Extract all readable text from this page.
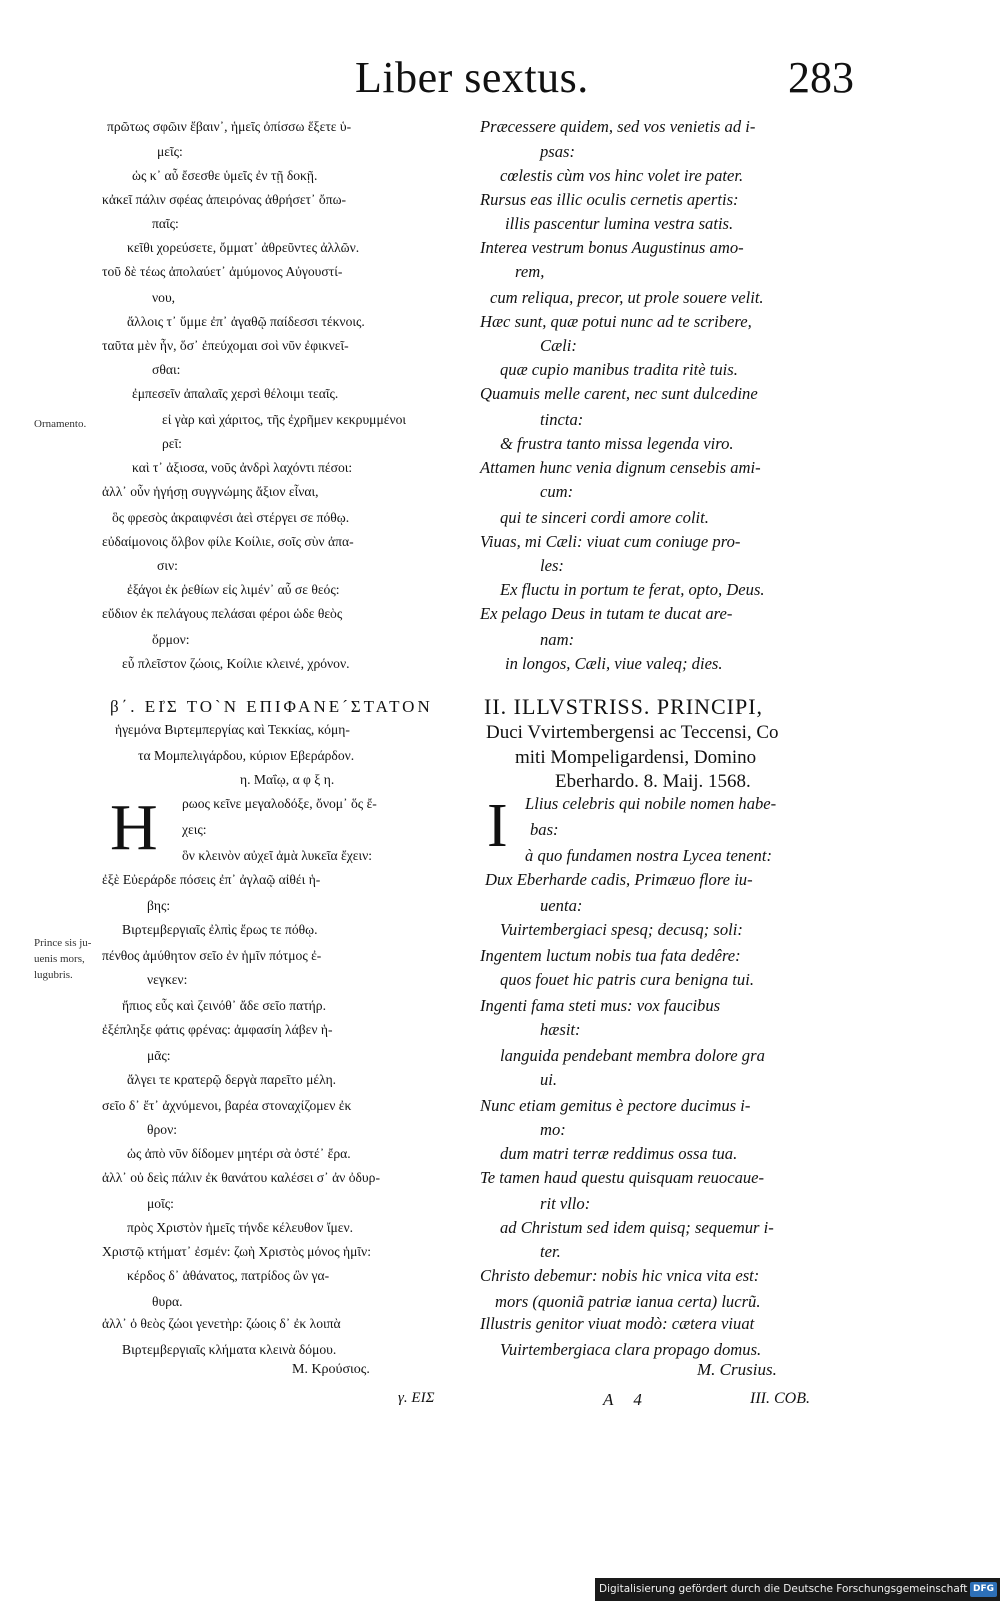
Liber sextus.	283
πρῶτως σφῶιν ἔβαιν᾿, ἡμεῖς ὀπίσσω ἕξετε ὑ-
μεῖς:
ὡς κ᾽ αὖ ἔσεσθε ὑμεῖς ἐν τῇ δοκῇ.
κἀκεῖ πάλιν σφέας ἀπειρόνας ἀθρήσετ᾽ ὄπω-
παῖς:
κεῖθι χορεύσετε, ὄμματ᾽ ἀθρεῦντες ἀλλῶν.
τοῦ δὲ τέως ἀπολαύετ᾽ ἀμύμονος Αὐγουστί-
νου,
ἄλλοις τ᾽ ὕμμε ἐπ᾽ ἀγαθῷ παίδεσσι τέκνοις.
ταῦτα μὲν ἦν, ὅσ᾽ ἐπεύχομαι σοὶ νῦν ἐφικνεῖ-
σθαι:
ἐμπεσεῖν ἀπαλαῖς χερσὶ θέλοιμι τεαῖς.
εἰ γὰρ καὶ χάριτος, τῆς ἐχρῆμεν κεκρυμμένοι
ρεῖ:
καὶ τ᾽ ἀξιοσα, νοῦς ἀνδρὶ λαχόντι πέσοι:
ἀλλ᾽ οὖν ἡγήσῃ συγγνώμης ἄξιον εἶναι,
ὃς φρεσὸς ἀκραιφνέσι ἀεὶ στέργει σε πόθῳ.
εὐδαίμονοις ὄλβον φίλε Κοίλιε, σοῖς σὺν ἀπα-
σιν:
ἐξάγοι ἐκ ῥεθίων εἰς λιμέν᾽ αὖ σε θεός:
εὔδιον ἐκ πελάγους πελάσαι φέροι ὡδε θεὸς
ὅρμον:
εὖ πλεῖστον ζώοις, Κοίλιε κλεινέ, χρόνον.
ρωος κεῖνε μεγαλοδόξε, ὄνομ᾽ ὅς ἔ-
χεις:
ὃν κλεινὸν αὐχεῖ ἀμὰ λυκεῖα ἔχειν:
ἐξὲ Εὐεράρδε πόσεις ἐπ᾽ ἀγλαῷ αἰθέι ἡ-
βης:
Βιρτεμβεργιαῖς ἐλπὶς ἔρως τε πόθῳ.
πένθος ἀμύθητον σεῖο ἐν ἡμῖν πότμος ἐ-
νεγκεν:
ἤπιος εὖς καὶ ζεινόθ᾽ ἄδε σεῖο πατήρ.
ἐξέπληξε φάτις φρένας: ἀμφασίη λάβεν ἡ-
μᾶς:
ἄλγει τε κρατερῷ δεργὰ παρεῖτο μέλη.
σεῖο δ᾽ ἔτ᾽ ἀχνύμενοι, βαρέα στοναχίζομεν ἐκ
θρον:
ὡς ἀπὸ νῦν δίδομεν μητέρι σὰ ὀστέ᾽ ἔρα.
ἀλλ᾽ οὐ δεὶς πάλιν ἐκ θανάτου καλέσει σ᾽ ἀν ὀδυρ-
μοῖς:
πρὸς Χριστὸν ἡμεῖς τήνδε κέλευθον ἴμεν.
Χριστῷ κτήματ᾽ ἐσμέν: ζωὴ Χριστὸς μόνος ἡμῖν:
κέρδος δ᾽ ἀθάνατος, πατρίδος ὢν γα-
θυρα.
ἀλλ᾽ ὁ θεὸς ζώοι γενετὴρ: ζώοις δ᾽ ἐκ λοιπὰ
Βιρτεμβεργιαῖς κλήματα κλεινὰ δόμου.
Præcessere quidem, sed vos venietis ad i-
psas:
cœlestis cùm vos hinc volet ire pater.
Rursus eas illic oculis cernetis apertis:
illis pascentur lumina vestra satis.
Interea vestrum bonus Augustinus amo-
rem,
cum reliqua, precor, ut prole souere velit.
Hæc sunt, quæ potui nunc ad te scribere,
Cæli:
quæ cupio manibus tradita ritè tuis.
Quamuis melle carent, nec sunt dulcedine
tincta:
& frustra tanto missa legenda viro.
Attamen hunc venia dignum censebis ami-
cum:
qui te sinceri cordi amore colit.
Viuas, mi Cæli: viuat cum coniuge pro-
les:
Ex fluctu in portum te ferat, opto, Deus.
Ex pelago Deus in tutam te ducat are-
nam:
in longos, Cæli, viue valeq; dies.
Llius celebris qui nobile nomen habe-
bas:
à quo fundamen nostra Lycea tenent:
Dux Eberharde cadis, Primæuo flore iu-
uenta:
Vuirtembergiaci spesq; decusq; soli:
Ingentem luctum nobis tua fata dedêre:
quos fouet hic patris cura benigna tui.
Ingenti fama steti mus: vox faucibus
hæsit:
languida pendebant membra dolore gra
ui.
Nunc etiam gemitus è pectore ducimus i-
mo:
dum matri terræ reddimus ossa tua.
Te tamen haud questu quisquam reuocaue-
rit vllo:
ad Christum sed idem quisq; sequemur i-
ter.
Christo debemur: nobis hic vnica vita est:
mors (quoniã patriæ ianua certa) lucrũ.
Illustris genitor viuat modò: cætera viuat
Vuirtembergiaca clara propago domus.
β΄. ΕΙ͗Σ ΤΟ`Ν ΕΠΙΦΑΝΕ´ΣΤΑΤΟΝ II. ILLVSTRISS. PRINCIPI,
ἡγεμόνα Βιρτεμπεργίας καὶ Τεκκίας, κόμη-
τα Μομπελιγάρδου, κύριον Εβεράρδον.
η. Μαΐῳ, α φ ξ η.
Duci Vvirtembergensi ac Teccensi, Co
miti Mompeligardensi, Domino
Eberhardo. 8. Maij. 1568.
Η	I
Μ. Κρούσιος.	M. Crusius.
γ. ΕΙΣ	A 4	III. COB.
Ornamento.
Prince sis ju-
uenis mors,
lugubris.
Digitalisierung gefördert durch die Deutsche Forschungsgemeinschaft DFG
